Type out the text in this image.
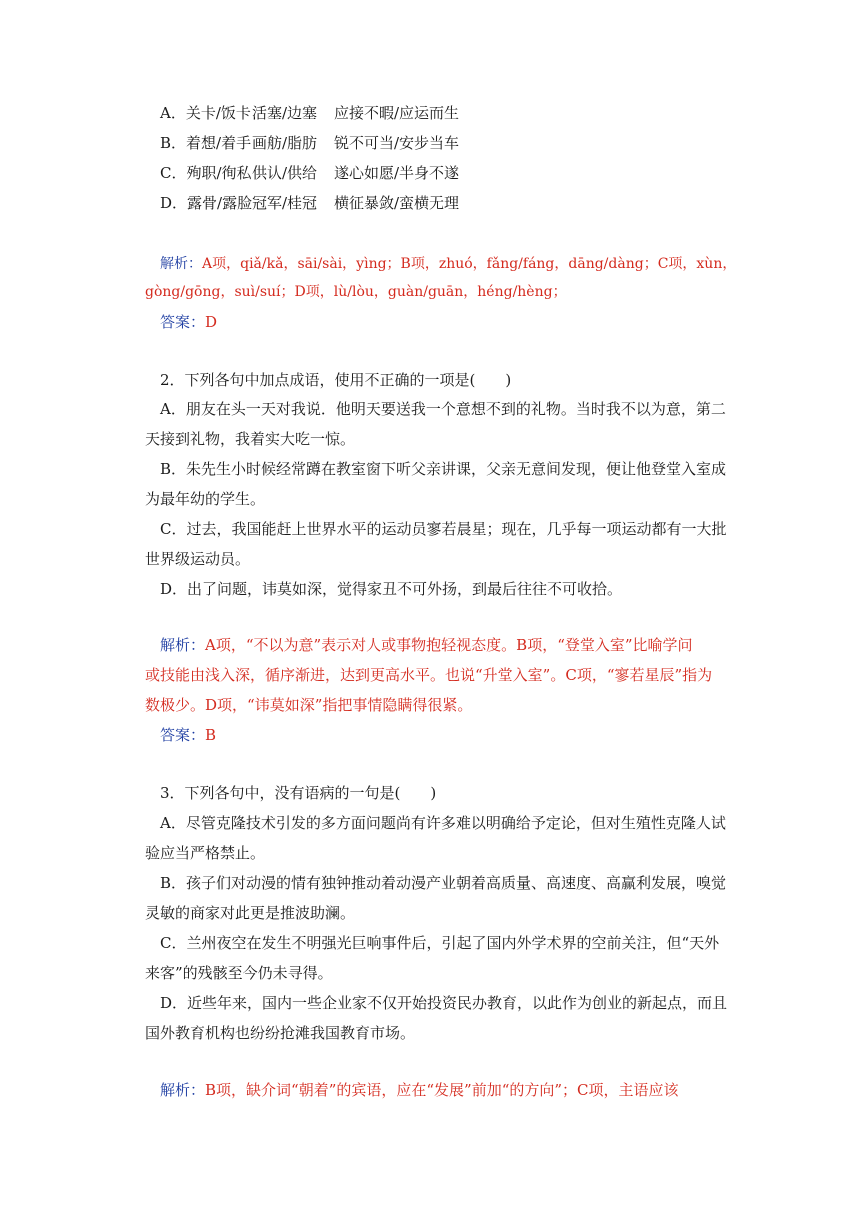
A．关卡/饭卡活塞/边塞 应接不暇/应运而生
B．着想/着手画舫/脂肪 锐不可当/安步当车
C．殉职/徇私供认/供给 遂心如愿/半身不遂
D．露骨/露脸冠军/桂冠 横征暴敛/蛮横无理
解析：A项，qiǎ/kǎ，sāi/sài，yìng；B项，zhuó，fǎng/fáng，dāng/dàng；C项，xùn，
gòng/gōng，suì/suí；D项，lù/lòu，guàn/guān，héng/hèng；
答案：D
2．下列各句中加点成语，使用不正确的一项是(　　)
A．朋友在头一天对我说．他明天要送我一个意想不到的礼物。当时我不以为意，第二
天接到礼物，我着实大吃一惊。
B．朱先生小时候经常蹲在教室窗下听父亲讲课，父亲无意间发现，便让他登堂入室成
为最年幼的学生。
C．过去，我国能赶上世界水平的运动员寥若晨星；现在，几乎每一项运动都有一大批
世界级运动员。
D．出了问题，讳莫如深，觉得家丑不可外扬，到最后往往不可收拾。
解析：A项，“不以为意”表示对人或事物抱轻视态度。B项，“登堂入室”比喻学问
或技能由浅入深，循序渐进，达到更高水平。也说“升堂入室”。C项，“寥若星辰”指为
数极少。D项，“讳莫如深”指把事情隐瞒得很紧。
答案：B
3．下列各句中，没有语病的一句是(　　)
A．尽管克隆技术引发的多方面问题尚有许多难以明确给予定论，但对生殖性克隆人试
验应当严格禁止。
B．孩子们对动漫的情有独钟推动着动漫产业朝着高质量、高速度、高赢利发展，嗅觉
灵敏的商家对此更是推波助澜。
C．兰州夜空在发生不明强光巨响事件后，引起了国内外学术界的空前关注，但“天外
来客”的残骸至今仍未寻得。
D．近些年来，国内一些企业家不仅开始投资民办教育，以此作为创业的新起点，而且
国外教育机构也纷纷抢滩我国教育市场。
解析：B项，缺介词“朝着”的宾语，应在“发展”前加“的方向”；C项，主语应该
